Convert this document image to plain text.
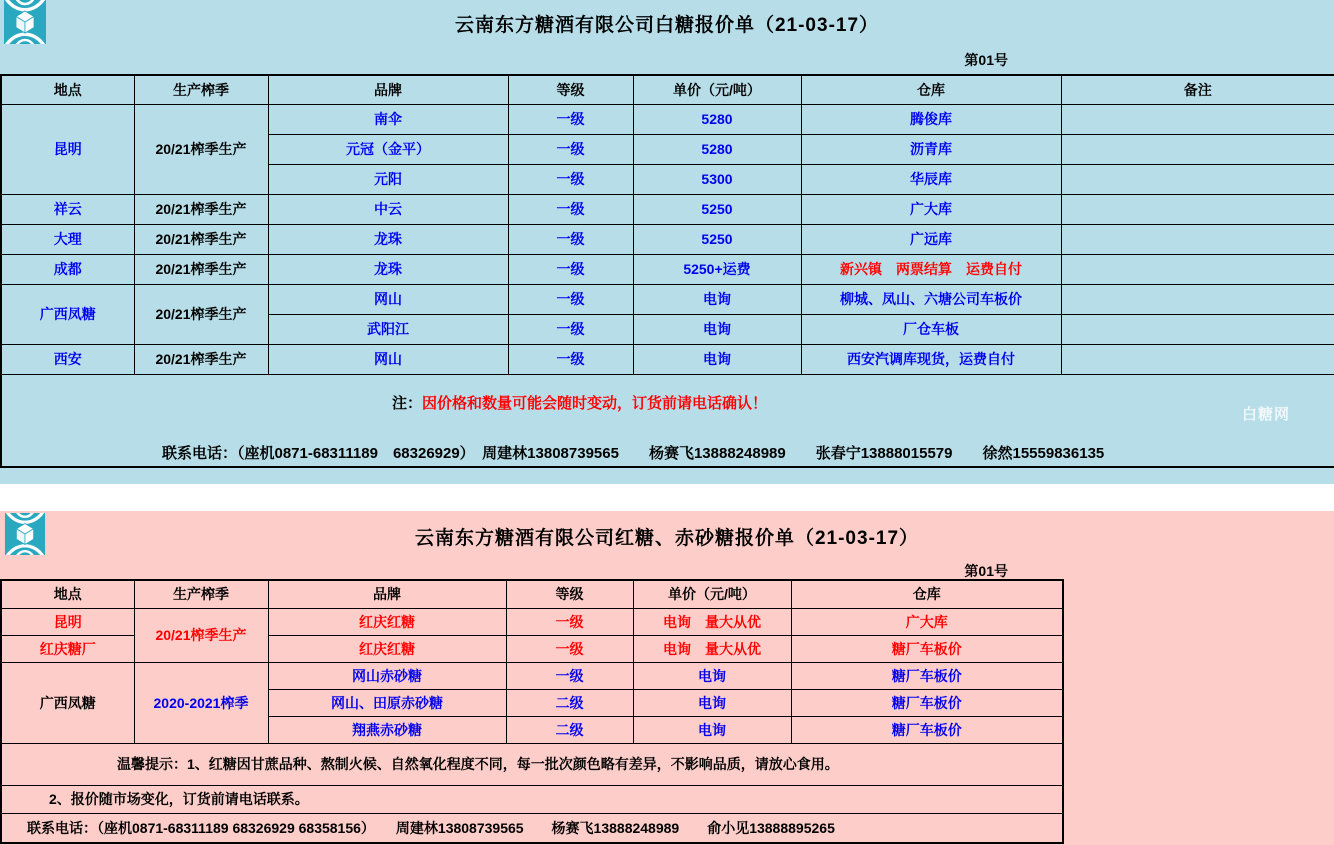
云南东方糖酒有限公司白糖报价单（21-03-17）
第01号
地点	生产榨季	品牌	等级	单价（元/吨）	仓库	备注
昆明	20/21榨季生产	南伞	一级	5280	腾俊库	
		元冠（金平）	一级	5280	沥青库	
		元阳	一级	5300	华辰库	
祥云	20/21榨季生产	中云	一级	5250	广大库	
大理	20/21榨季生产	龙珠	一级	5250	广远库	
成都	20/21榨季生产	龙珠	一级	5250+运费	新兴镇　两票结算　运费自付	
广西凤糖	20/21榨季生产	网山	一级	电询	柳城、凤山、六塘公司车板价	
		武阳江	一级	电询	厂仓车板	
西安	20/21榨季生产	网山	一级	电询	西安汽调库现货，运费自付	

注：因价格和数量可能会随时变动，订货前请电话确认！
联系电话：（座机0871-68311189　68326929）　周建林13808739565　　杨赛飞13888248989　　张春宁13888015579　　徐然15559836135						
白糖网
云南东方糖酒有限公司红糖、赤砂糖报价单（21-03-17）
第01号
地点	生产榨季	品牌	等级	单价（元/吨）	仓库
昆明	20/21榨季生产	红庆红糖	一级	电询　量大从优	广大库
红庆糖厂		红庆红糖	一级	电询　量大从优	糖厂车板价
广西凤糖	2020-2021榨季	网山赤砂糖	一级	电询	糖厂车板价
		网山、田原赤砂糖	二级	电询	糖厂车板价
		翔燕赤砂糖	二级	电询	糖厂车板价
温馨提示：1、红糖因甘蔗品种、熬制火候、自然氧化程度不同，每一批次颜色略有差异，不影响品质，请放心食用。					
2、报价随市场变化，订货前请电话联系。					
联系电话：（座机0871-68311189 68326929 68358156）　　周建林13808739565　　杨赛飞13888248989　　俞小见13888895265					
